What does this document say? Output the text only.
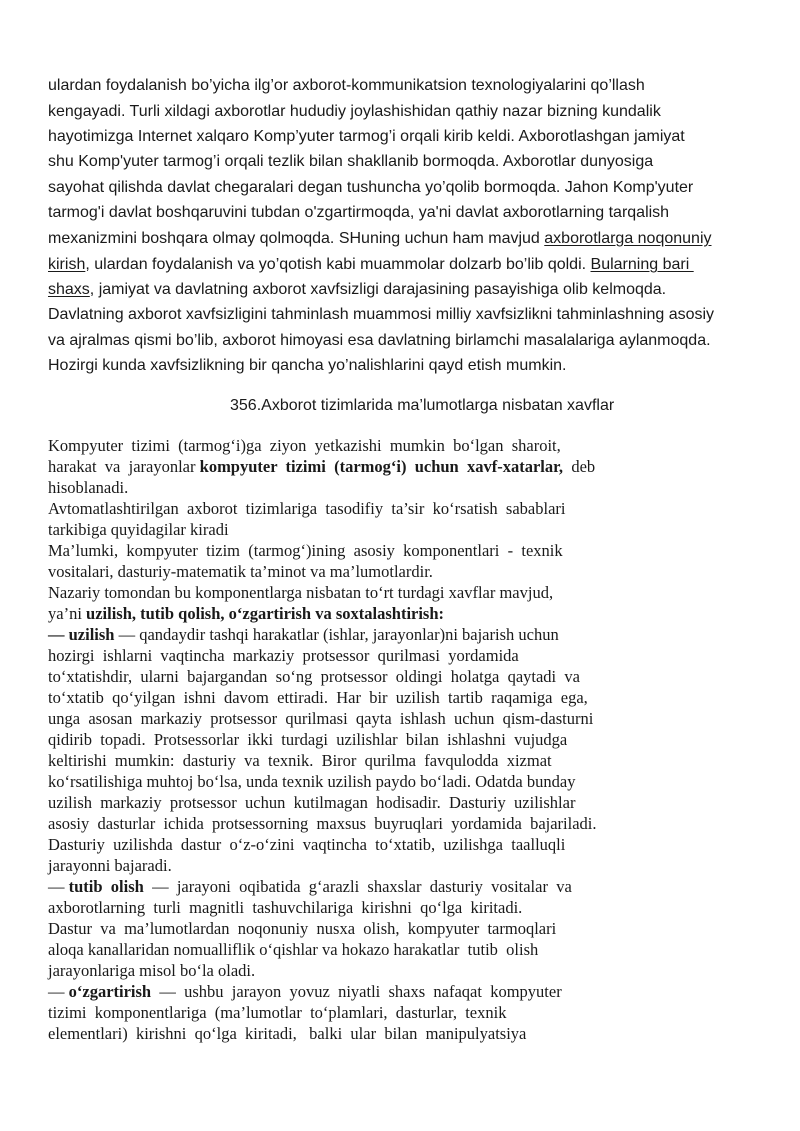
ulardan foydalanish bo’yicha ilg’or axborot-kommunikatsion texnologiyalarini qo’llash
kengayadi. Turli xildagi axborotlar hududiy joylashishidan qathiy nazar bizning kundalik
hayotimizga Internet xalqaro Komp’yuter tarmog’i orqali kirib keldi. Axborotlashgan jamiyat
shu Komp'yuter tarmog’i orqali tezlik bilan shakllanib bormoqda. Axborotlar dunyosiga
sayohat qilishda davlat chegaralari degan tushuncha yo’qolib bormoqda. Jahon Komp'yuter
tarmog'i davlat boshqaruvini tubdan o'zgartirmoqda, ya'ni davlat axborotlarning tarqalish
mexanizmini boshqara olmay qolmoqda. SHuning uchun ham mavjud axborotlarga noqonuniy
kirish, ulardan foydalanish va yo’qotish kabi muammolar dolzarb bo’lib qoldi. Bularning bari
shaxs, jamiyat va davlatning axborot xavfsizligi darajasining pasayishiga olib kelmoqda.
Davlatning axborot xavfsizligini tahminlash muammosi milliy xavfsizlikni tahminlashning asosiy
va ajralmas qismi bo’lib, axborot himoyasi esa davlatning birlamchi masalalariga aylanmoqda.
Hozirgi kunda xavfsizlikning bir qancha yo’nalishlarini qayd etish mumkin.
356.Axborot tizimlarida ma’lumotlarga nisbatan xavflar
Kompyuter  tizimi  (tarmog‘i)ga  ziyon  yetkazishi  mumkin  bo‘lgan  sharoit,
harakat  va  jarayonlar kompyuter  tizimi  (tarmog‘i)  uchun  xavf-xatarlar,  deb
hisoblanadi.
Avtomatlashtirilgan  axborot  tizimlariga  tasodifiy  ta’sir  ko‘rsatish  sabablari
tarkibiga quyidagilar kiradi
Ma’lumki,  kompyuter  tizim  (tarmog‘)ining  asosiy  komponentlari  -  texnik
vositalari, dasturiy-matematik ta’minot va ma’lumotlardir.
Nazariy tomondan bu komponentlarga nisbatan to‘rt turdagi xavflar mavjud,
ya’ni uzilish, tutib qolish, o‘zgartirish va soxtalashtirish:
— uzilish — qandaydir tashqi harakatlar (ishlar, jarayonlar)ni bajarish uchun
hozirgi  ishlarni  vaqtincha  markaziy  protsessor  qurilmasi  yordamida
to‘xtatishdir,  ularni  bajargandan  so‘ng  protsessor  oldingi  holatga  qaytadi  va
to‘xtatib  qo‘yilgan  ishni  davom  ettiradi.  Har  bir  uzilish  tartib  raqamiga  ega,
unga  asosan  markaziy  protsessor  qurilmasi  qayta  ishlash  uchun  qism-dasturni
qidirib  topadi.  Protsessorlar  ikki  turdagi  uzilishlar  bilan  ishlashni  vujudga
keltirishi  mumkin:  dasturiy  va  texnik.  Biror  qurilma  favqulodda  xizmat
ko‘rsatilishiga muhtoj bo‘lsa, unda texnik uzilish paydo bo‘ladi. Odatda bunday
uzilish  markaziy  protsessor  uchun  kutilmagan  hodisadir.  Dasturiy  uzilishlar
asosiy  dasturlar  ichida  protsessorning  maxsus  buyruqlari  yordamida  bajariladi.
Dasturiy  uzilishda  dastur  o‘z-o‘zini  vaqtincha  to‘xtatib,  uzilishga  taalluqli
jarayonni bajaradi.
— tutib  olish  —  jarayoni  oqibatida  g‘arazli  shaxslar  dasturiy  vositalar  va
axborotlarning  turli  magnitli  tashuvchilariga  kirishni  qo‘lga  kiritadi.
Dastur  va  ma’lumotlardan  noqonuniy  nusxa  olish,  kompyuter  tarmoqlari
aloqa kanallaridan nomualliflik o‘qishlar va hokazo harakatlar  tutib  olish
jarayonlariga misol bo‘la oladi.
— o‘zgartirish  —  ushbu  jarayon  yovuz  niyatli  shaxs  nafaqat  kompyuter
tizimi  komponentlariga  (ma’lumotlar  to‘plamlari,  dasturlar,  texnik
elementlari)  kirishni  qo‘lga  kiritadi,   balki  ular  bilan  manipulyatsiya
